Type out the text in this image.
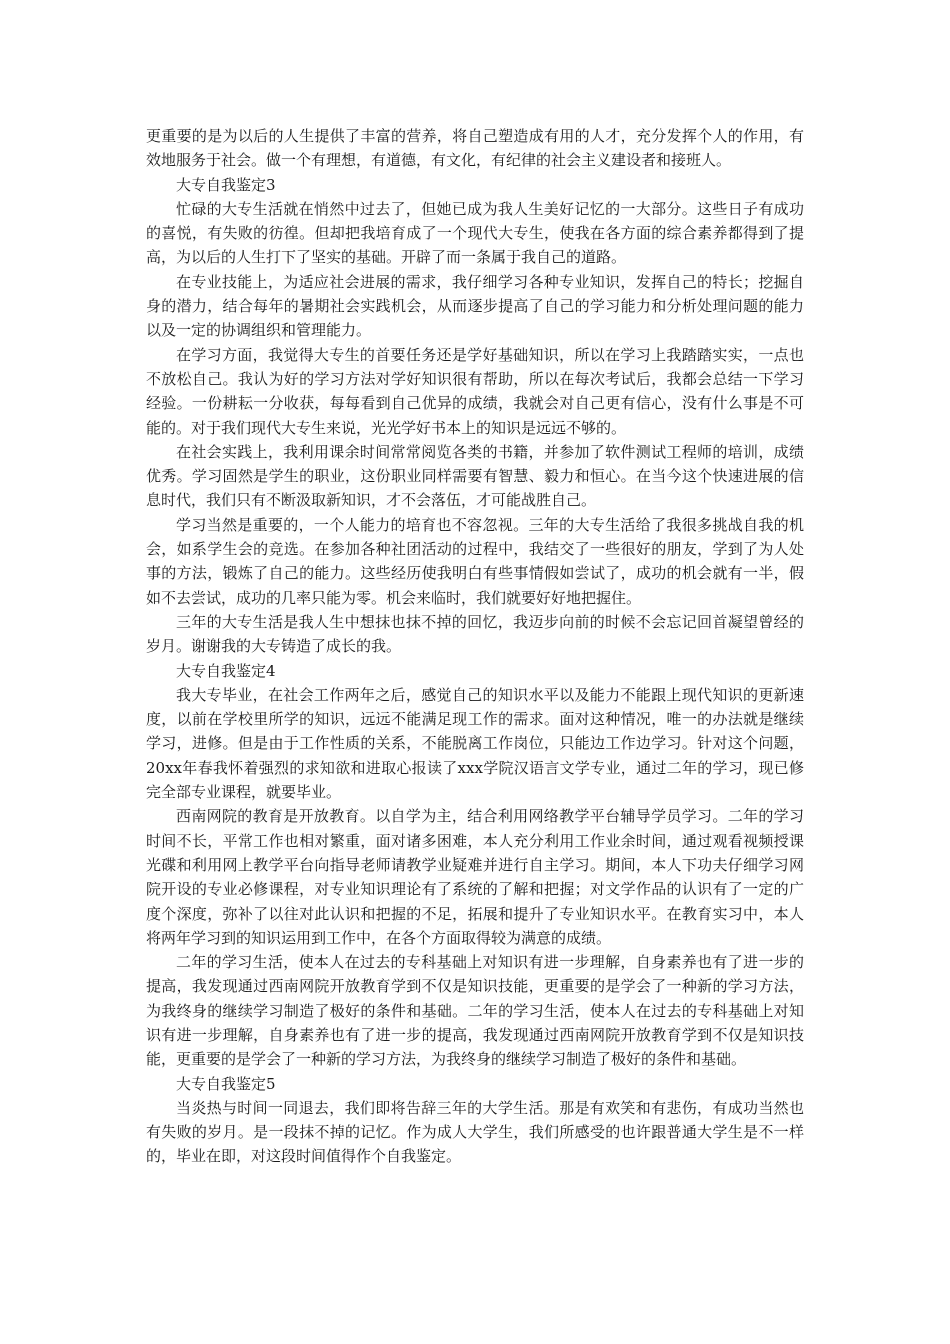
更重要的是为以后的人生提供了丰富的营养，将自己塑造成有用的人才，充分发挥个人的作用，有效地服务于社会。做一个有理想，有道德，有文化，有纪律的社会主义建设者和接班人。

大专自我鉴定3

忙碌的大专生活就在悄然中过去了，但她已成为我人生美好记忆的一大部分。这些日子有成功的喜悦，有失败的彷徨。但却把我培育成了一个现代大专生，使我在各方面的综合素养都得到了提高，为以后的人生打下了坚实的基础。开辟了而一条属于我自己的道路。

在专业技能上，为适应社会进展的需求，我仔细学习各种专业知识，发挥自己的特长；挖掘自身的潜力，结合每年的暑期社会实践机会，从而逐步提高了自己的学习能力和分析处理问题的能力以及一定的协调组织和管理能力。

在学习方面，我觉得大专生的首要任务还是学好基础知识，所以在学习上我踏踏实实，一点也不放松自己。我认为好的学习方法对学好知识很有帮助，所以在每次考试后，我都会总结一下学习经验。一份耕耘一分收获，每每看到自己优异的成绩，我就会对自己更有信心，没有什么事是不可能的。对于我们现代大专生来说，光光学好书本上的知识是远远不够的。

在社会实践上，我利用课余时间常常阅览各类的书籍，并参加了软件测试工程师的培训，成绩优秀。学习固然是学生的职业，这份职业同样需要有智慧、毅力和恒心。在当今这个快速进展的信息时代，我们只有不断汲取新知识，才不会落伍，才可能战胜自己。

学习当然是重要的，一个人能力的培育也不容忽视。三年的大专生活给了我很多挑战自我的机会，如系学生会的竞选。在参加各种社团活动的过程中，我结交了一些很好的朋友，学到了为人处事的方法，锻炼了自己的能力。这些经历使我明白有些事情假如尝试了，成功的机会就有一半，假如不去尝试，成功的几率只能为零。机会来临时，我们就要好好地把握住。

三年的大专生活是我人生中想抹也抹不掉的回忆，我迈步向前的时候不会忘记回首凝望曾经的岁月。谢谢我的大专铸造了成长的我。

大专自我鉴定4

我大专毕业，在社会工作两年之后，感觉自己的知识水平以及能力不能跟上现代知识的更新速度，以前在学校里所学的知识，远远不能满足现工作的需求。面对这种情况，唯一的办法就是继续学习，进修。但是由于工作性质的关系，不能脱离工作岗位，只能边工作边学习。针对这个问题，20xx年春我怀着强烈的求知欲和进取心报读了xxx学院汉语言文学专业，通过二年的学习，现已修完全部专业课程，就要毕业。

西南网院的教育是开放教育。以自学为主，结合利用网络教学平台辅导学员学习。二年的学习时间不长，平常工作也相对繁重，面对诸多困难，本人充分利用工作业余时间，通过观看视频授课光碟和利用网上教学平台向指导老师请教学业疑难并进行自主学习。期间，本人下功夫仔细学习网院开设的专业必修课程，对专业知识理论有了系统的了解和把握；对文学作品的认识有了一定的广度个深度，弥补了以往对此认识和把握的不足，拓展和提升了专业知识水平。在教育实习中，本人将两年学习到的知识运用到工作中，在各个方面取得较为满意的成绩。

二年的学习生活，使本人在过去的专科基础上对知识有进一步理解，自身素养也有了进一步的提高，我发现通过西南网院开放教育学到不仅是知识技能，更重要的是学会了一种新的学习方法，为我终身的继续学习制造了极好的条件和基础。二年的学习生活，使本人在过去的专科基础上对知识有进一步理解，自身素养也有了进一步的提高，我发现通过西南网院开放教育学到不仅是知识技能，更重要的是学会了一种新的学习方法，为我终身的继续学习制造了极好的条件和基础。

大专自我鉴定5

当炎热与时间一同退去，我们即将告辞三年的大学生活。那是有欢笑和有悲伤，有成功当然也有失败的岁月。是一段抹不掉的记忆。作为成人大学生，我们所感受的也许跟普通大学生是不一样的，毕业在即，对这段时间值得作个自我鉴定。
